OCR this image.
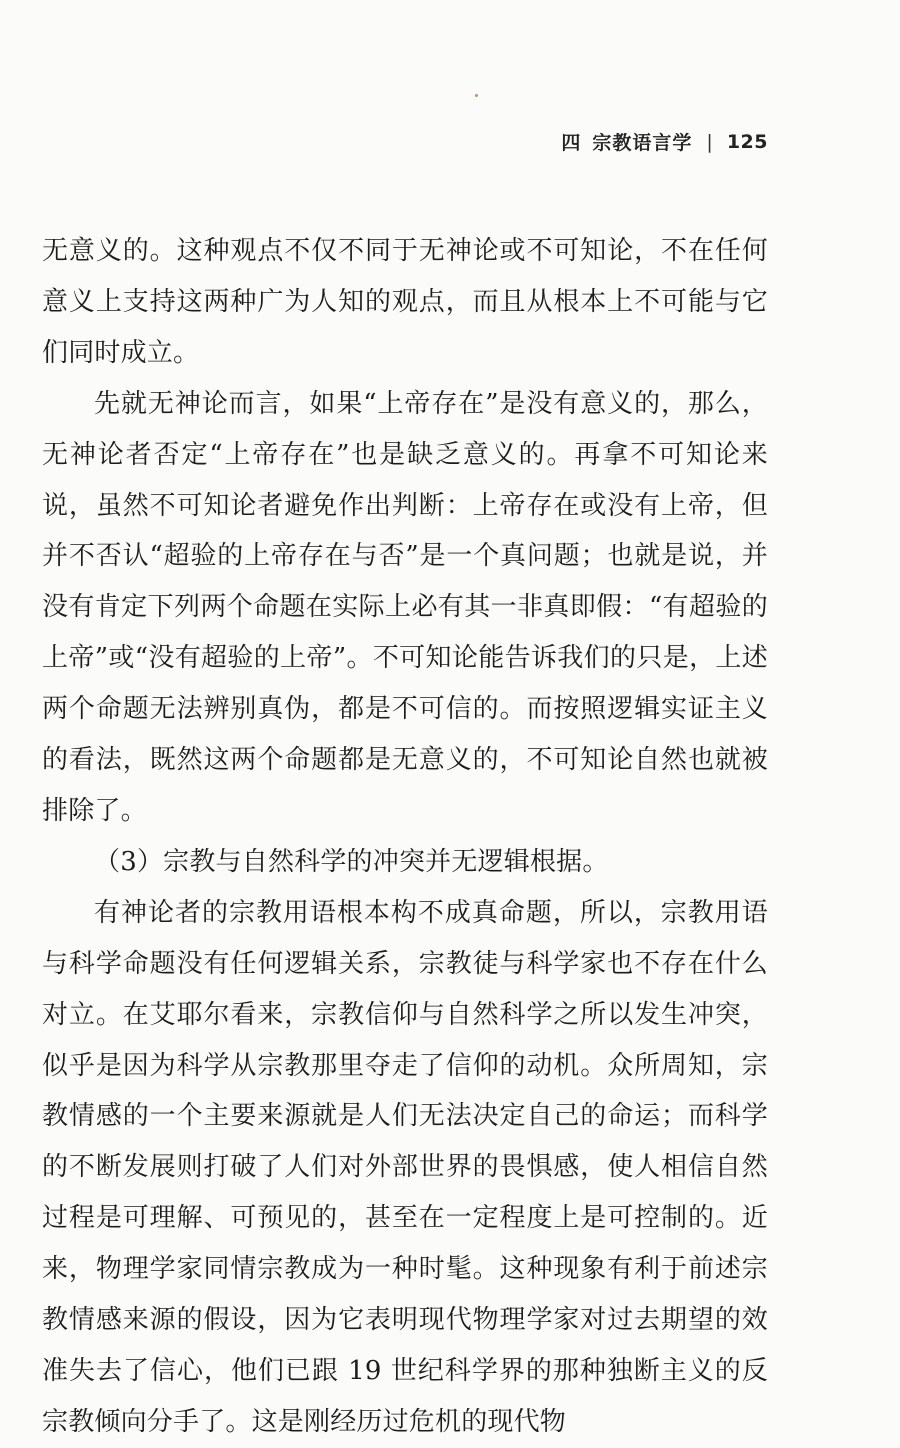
四 宗教语言学 | 125

无意义的。这种观点不仅不同于无神论或不可知论，不在任何意义上支持这两种广为人知的观点，而且从根本上不可能与它们同时成立。

先就无神论而言，如果“上帝存在”是没有意义的，那么，无神论者否定“上帝存在”也是缺乏意义的。再拿不可知论来说，虽然不可知论者避免作出判断：上帝存在或没有上帝，但并不否认“超验的上帝存在与否”是一个真问题；也就是说，并没有肯定下列两个命题在实际上必有其一非真即假：“有超验的上帝”或“没有超验的上帝”。不可知论能告诉我们的只是，上述两个命题无法辨别真伪，都是不可信的。而按照逻辑实证主义的看法，既然这两个命题都是无意义的，不可知论自然也就被排除了。

（3）宗教与自然科学的冲突并无逻辑根据。

有神论者的宗教用语根本构不成真命题，所以，宗教用语与科学命题没有任何逻辑关系，宗教徒与科学家也不存在什么对立。在艾耶尔看来，宗教信仰与自然科学之所以发生冲突，似乎是因为科学从宗教那里夺走了信仰的动机。众所周知，宗教情感的一个主要来源就是人们无法决定自己的命运；而科学的不断发展则打破了人们对外部世界的畏惧感，使人相信自然过程是可理解、可预见的，甚至在一定程度上是可控制的。近来，物理学家同情宗教成为一种时髦。这种现象有利于前述宗教情感来源的假设，因为它表明现代物理学家对过去期望的效准失去了信心，他们已跟 19 世纪科学界的那种独断主义的反宗教倾向分手了。这是刚经历过危机的现代物
